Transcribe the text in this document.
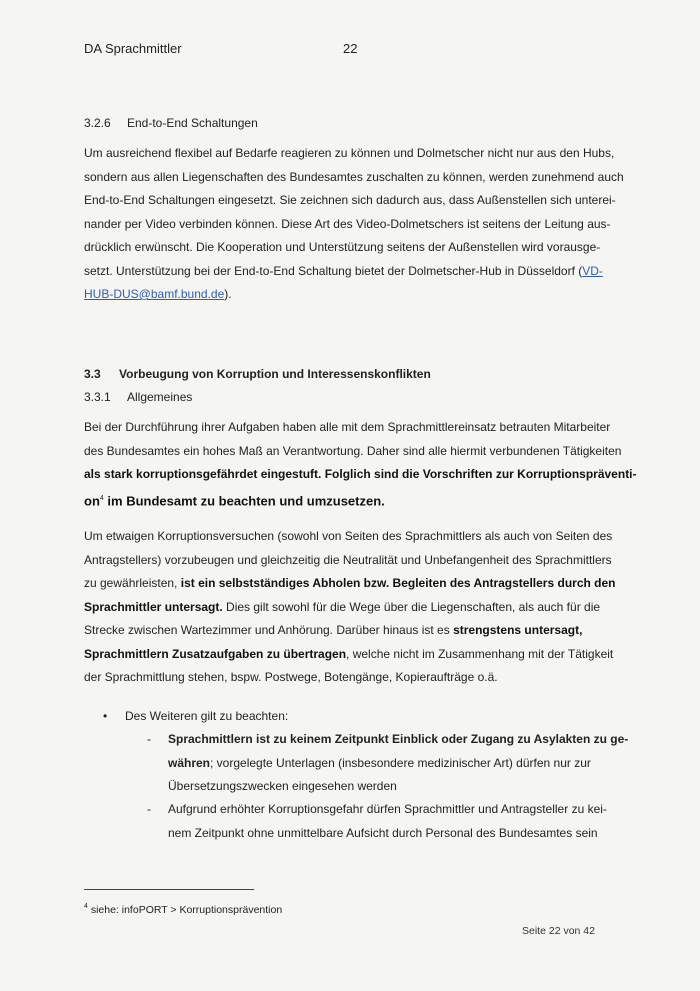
DA Sprachmittler	22
3.2.6 End-to-End Schaltungen
Um ausreichend flexibel auf Bedarfe reagieren zu können und Dolmetscher nicht nur aus den Hubs,
sondern aus allen Liegenschaften des Bundesamtes zuschalten zu können, werden zunehmend auch
End-to-End Schaltungen eingesetzt. Sie zeichnen sich dadurch aus, dass Außenstellen sich unterei-
nander per Video verbinden können. Diese Art des Video-Dolmetschers ist seitens der Leitung aus-
drücklich erwünscht. Die Kooperation und Unterstützung seitens der Außenstellen wird vorausge-
setzt. Unterstützung bei der End-to-End Schaltung bietet der Dolmetscher-Hub in Düsseldorf (VD-
HUB-DUS@bamf.bund.de).
3.3 Vorbeugung von Korruption und Interessenskonflikten
3.3.1 Allgemeines
Bei der Durchführung ihrer Aufgaben haben alle mit dem Sprachmittlereinsatz betrauten Mitarbeiter
des Bundesamtes ein hohes Maß an Verantwortung. Daher sind alle hiermit verbundenen Tätigkeiten
als stark korruptionsgefährdet eingestuft. Folglich sind die Vorschriften zur Korruptionspräventi-
$on^4$ im Bundesamt zu beachten und umzusetzen.
Um etwaigen Korruptionsversuchen (sowohl von Seiten des Sprachmittlers als auch von Seiten des
Antragstellers) vorzubeugen und gleichzeitig die Neutralität und Unbefangenheit des Sprachmittlers
zu gewährleisten, ist ein selbstständiges Abholen bzw. Begleiten des Antragstellers durch den
Sprachmittler untersagt. Dies gilt sowohl für die Wege über die Liegenschaften, als auch für die
Strecke zwischen Wartezimmer und Anhörung. Darüber hinaus ist es strengstens untersagt,
Sprachmittlern Zusatzaufgaben zu übertragen, welche nicht im Zusammenhang mit der Tätigkeit
der Sprachmittlung stehen, bspw. Postwege, Botengänge, Kopieraufträge o.ä.
• Des Weiteren gilt zu beachten:
- Sprachmittlern ist zu keinem Zeitpunkt Einblick oder Zugang zu Asylakten zu ge-
währen; vorgelegte Unterlagen (insbesondere medizinischer Art) dürfen nur zur
Übersetzungszwecken eingesehen werden
- Aufgrund erhöhter Korruptionsgefahr dürfen Sprachmittler und Antragsteller zu kei-
nem Zeitpunkt ohne unmittelbare Aufsicht durch Personal des Bundesamtes sein
$^4$ siehe: infoPORT > Korruptionsprävention
Seite 22 von 42
